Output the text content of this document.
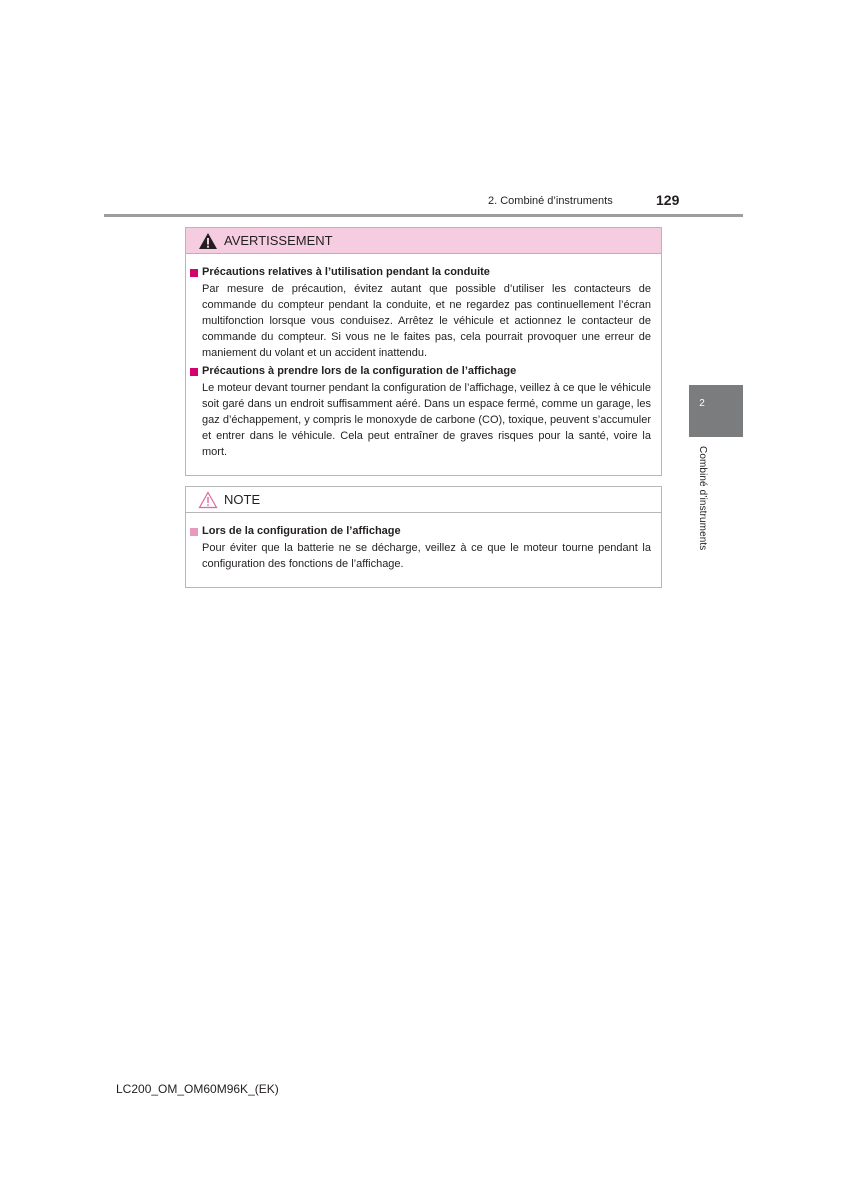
2. Combiné d’instruments	129
2
Combiné d’instruments
AVERTISSEMENT
Précautions relatives à l’utilisation pendant la conduite
Par mesure de précaution, évitez autant que possible d’utiliser les contacteurs de commande du compteur pendant la conduite, et ne regardez pas continuellement l’écran multifonction lorsque vous conduisez. Arrêtez le véhicule et actionnez le contacteur de commande du compteur. Si vous ne le faites pas, cela pourrait provoquer une erreur de maniement du volant et un accident inattendu.
Précautions à prendre lors de la configuration de l’affichage
Le moteur devant tourner pendant la configuration de l’affichage, veillez à ce que le véhicule soit garé dans un endroit suffisamment aéré. Dans un espace fermé, comme un garage, les gaz d’échappement, y compris le monoxyde de carbone (CO), toxique, peuvent s’accumuler et entrer dans le véhicule. Cela peut entraîner de graves risques pour la santé, voire la mort.
NOTE
Lors de la configuration de l’affichage
Pour éviter que la batterie ne se décharge, veillez à ce que le moteur tourne pendant la configuration des fonctions de l’affichage.
LC200_OM_OM60M96K_(EK)
